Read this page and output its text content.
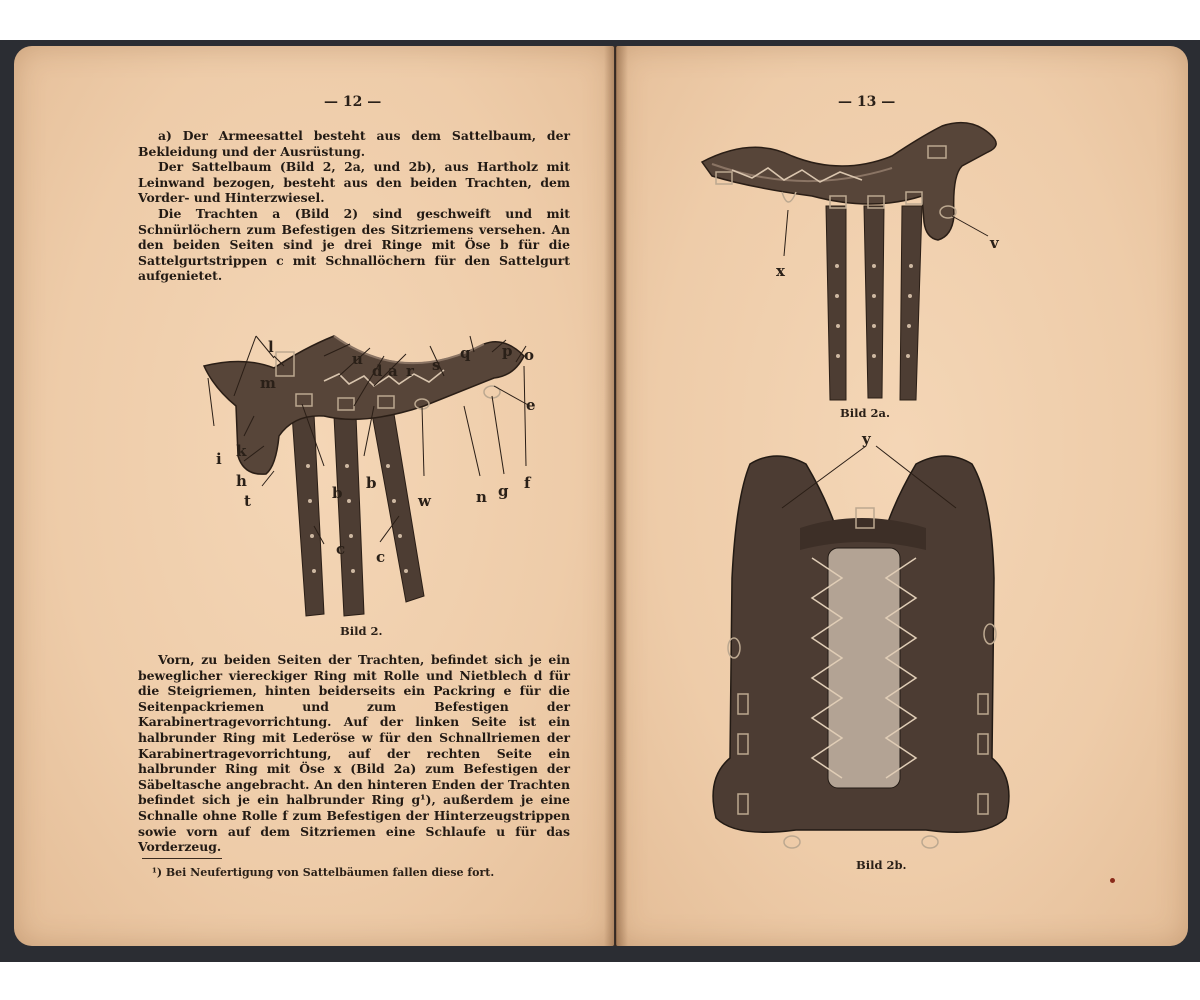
— 12 —

a) Der Armeesattel besteht aus dem Sattelbaum, der Bekleidung und der Ausrüstung.

Der Sattelbaum (Bild 2, 2a, und 2b), aus Hartholz mit Leinwand bezogen, besteht aus den beiden Trachten, dem Vorder- und Hinterzwiesel.

Die Trachten a (Bild 2) sind geschweift und mit Schnürlöchern zum Befestigen des Sitzriemens versehen. An den beiden Seiten sind je drei Ringe mit Öse b für die Sattelgurtstrippen c mit Schnallöchern für den Sattelgurt aufgenietet.

l
m
u
d a r s
q p o
e
i k
h
t	b
b
w	n g f
c c
Bild 2.

Vorn, zu beiden Seiten der Trachten, befindet sich je ein beweglicher viereckiger Ring mit Rolle und Nietblech d für die Steigriemen, hinten beiderseits ein Packring e für die Seitenpackriemen und zum Befestigen der Karabinertragevorrichtung. Auf der linken Seite ist ein halbrunder Ring mit Lederöse w für den Schnallriemen der Karabinertragevorrichtung, auf der rechten Seite ein halbrunder Ring mit Öse x (Bild 2a) zum Befestigen der Säbeltasche angebracht. An den hinteren Enden der Trachten befindet sich je ein halbrunder Ring g¹), außerdem je eine Schnalle ohne Rolle f zum Befestigen der Hinterzeugstrippen sowie vorn auf dem Sitzriemen eine Schlaufe u für das Vorderzeug.

¹) Bei Neufertigung von Sattelbäumen fallen diese fort.
— 13 —
x
v
Bild 2a.
y
Bild 2b.
